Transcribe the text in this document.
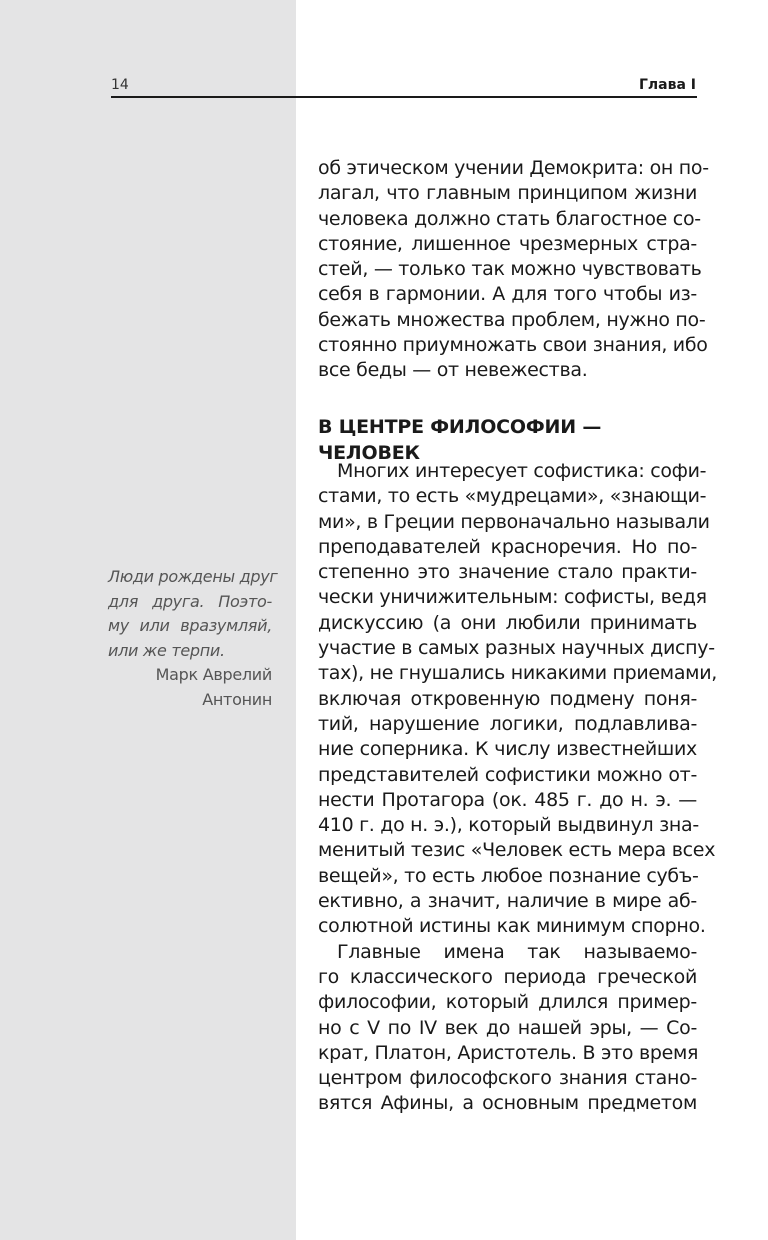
14	Глава I

об этическом учении Демокрита: он по-

лагал, что главным принципом жизни

человека должно стать благостное со-

стояние, лишенное чрезмерных стра-

стей, — только так можно чувствовать

себя в гармонии. А для того чтобы из-

бежать множества проблем, нужно по-

стоянно приумножать свои знания, ибо

все беды — от невежества.

В ЦЕНТРЕ ФИЛОСОФИИ — ЧЕЛОВЕК

Многих интересует софистика: софи-

стами, то есть «мудрецами», «знающи-

ми», в Греции первоначально называли

преподавателей красноречия. Но по-

степенно это значение стало практи-

чески уничижительным: софисты, ведя

дискуссию (а они любили принимать

участие в самых разных научных диспу-

тах), не гнушались никакими приемами,

включая откровенную подмену поня-

тий, нарушение логики, подлавлива-

ние соперника. К числу известнейших

представителей софистики можно от-

нести Протагора (ок. 485 г. до н. э. —

410 г. до н. э.), который выдвинул зна-

менитый тезис «Человек есть мера всех

вещей», то есть любое познание субъ-

ективно, а значит, наличие в мире аб-

солютной истины как минимум спорно.

Главные имена так называемо-

го классического периода греческой

философии, который длился пример-

но с V по IV век до нашей эры, — Со-

крат, Платон, Аристотель. В это время

центром философского знания стано-

вятся Афины, а основным предметом

Люди рождены друг
для друга. Поэто-
му или вразумляй,
или же терпи.

Марк Аврелий
Антонин
